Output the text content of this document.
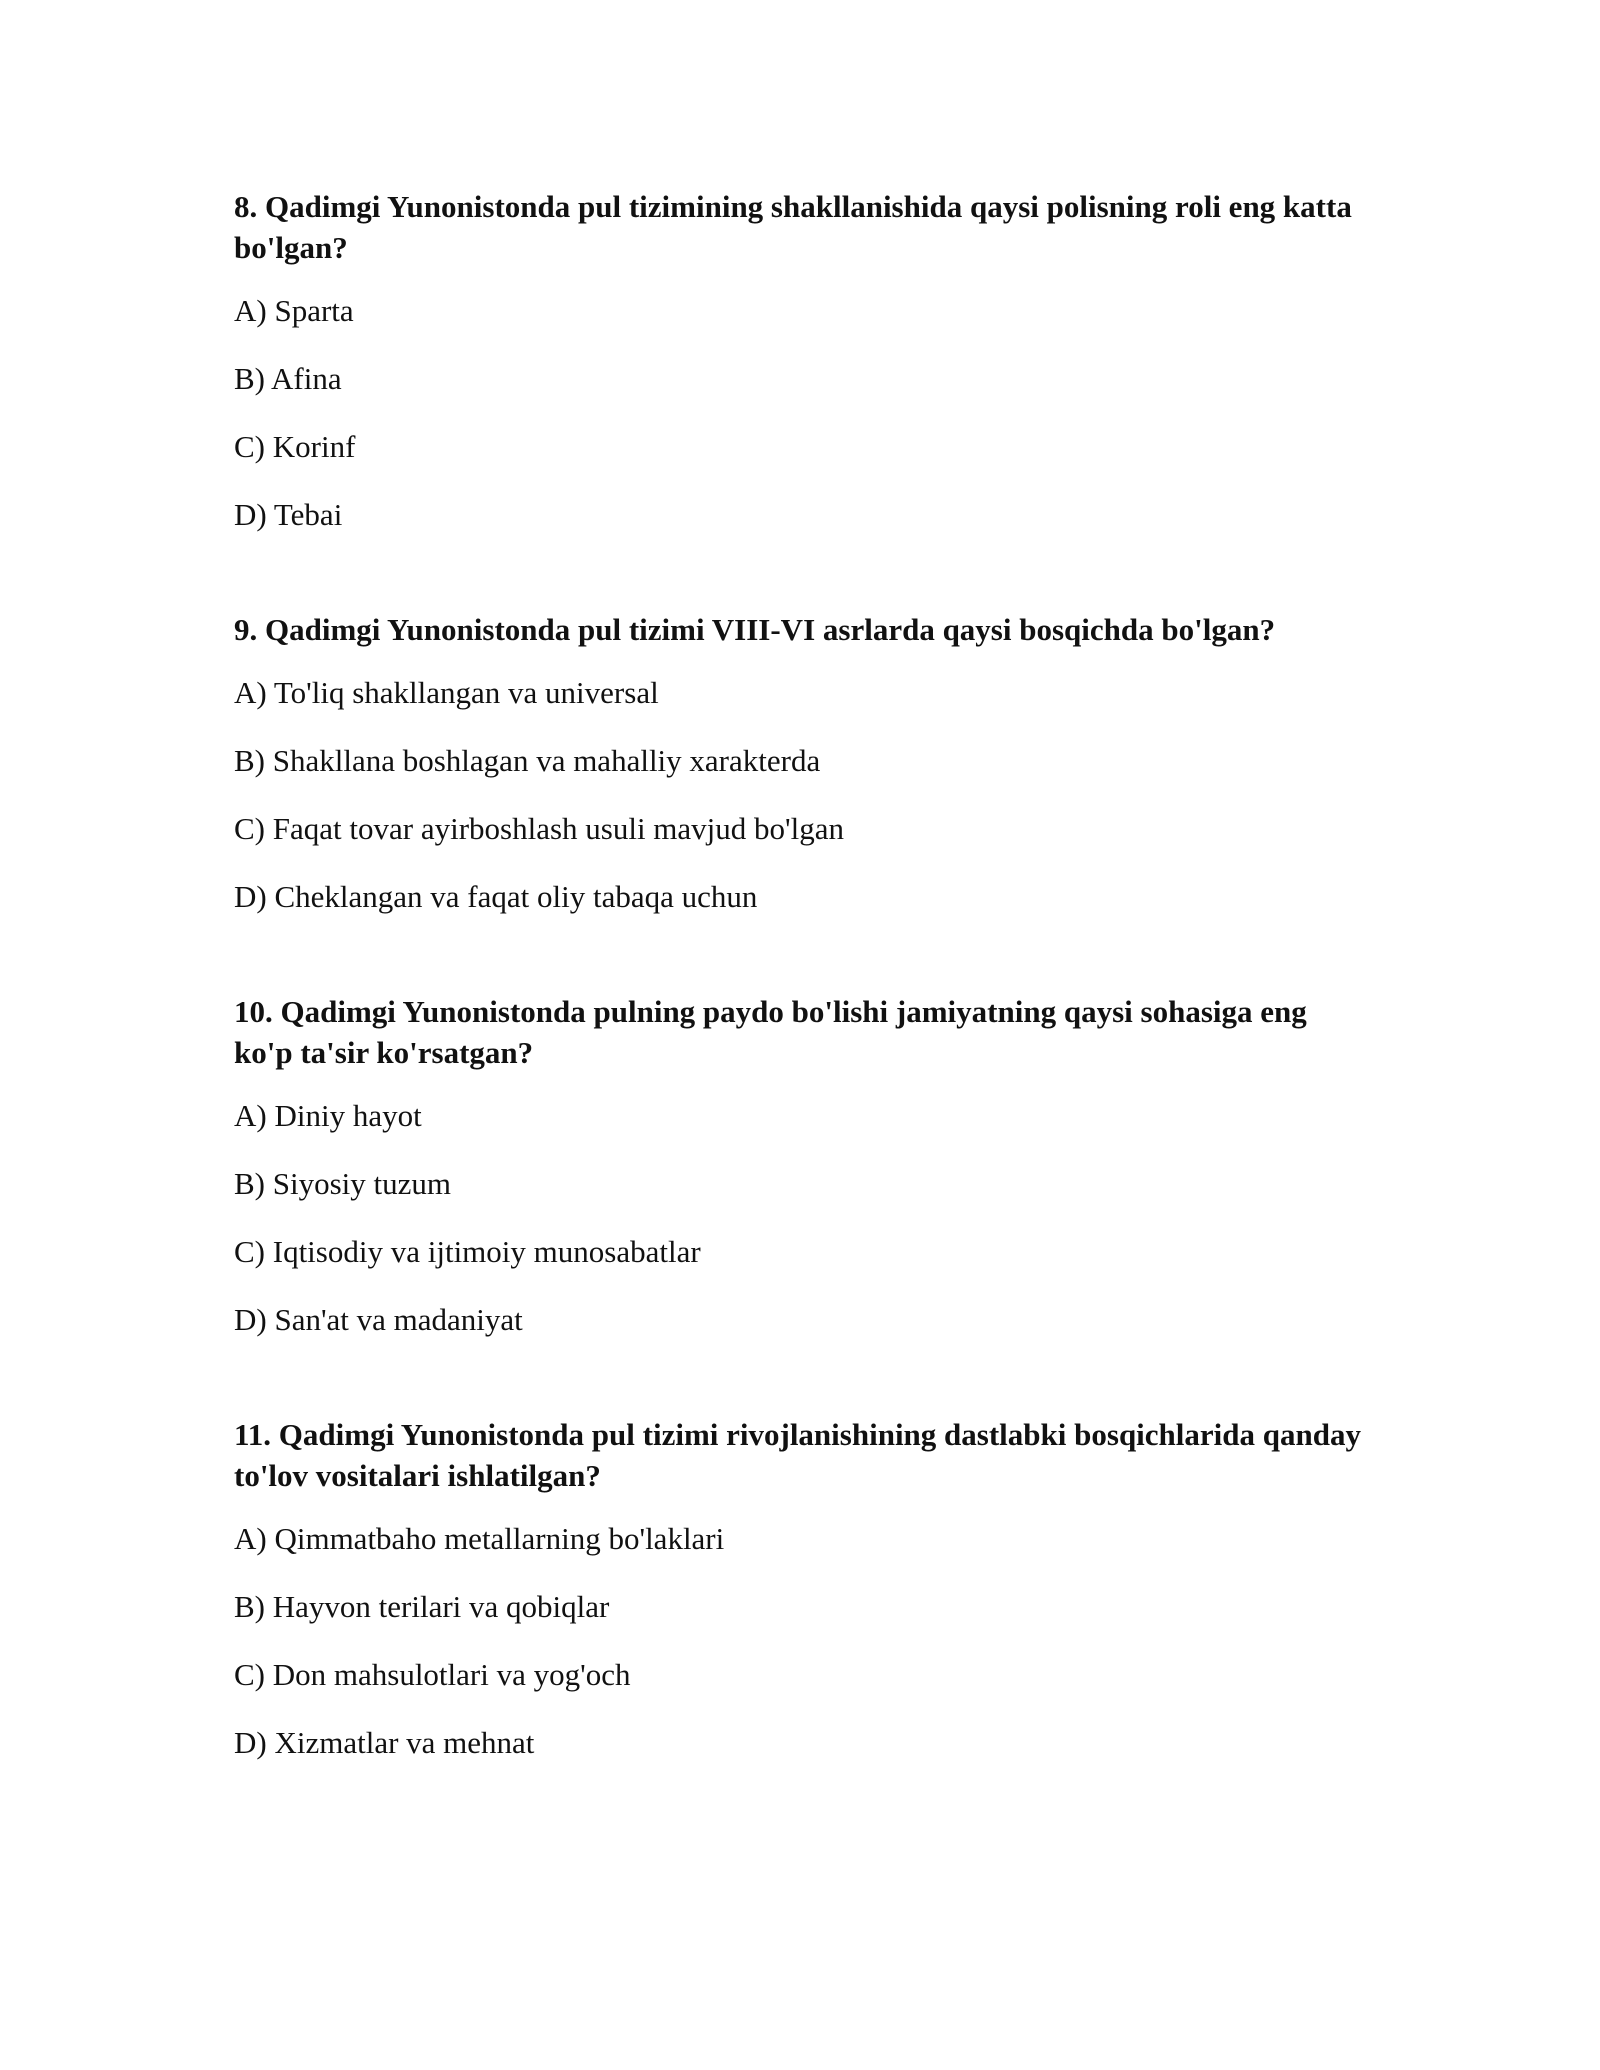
8. Qadimgi Yunonistonda pul tizimining shakllanishida qaysi polisning roli eng katta bo'lgan?
A) Sparta
B) Afina
C) Korinf
D) Tebai
9. Qadimgi Yunonistonda pul tizimi VIII-VI asrlarda qaysi bosqichda bo'lgan?
A) To'liq shakllangan va universal
B) Shakllana boshlagan va mahalliy xarakterda
C) Faqat tovar ayirboshlash usuli mavjud bo'lgan
D) Cheklangan va faqat oliy tabaqa uchun
10. Qadimgi Yunonistonda pulning paydo bo'lishi jamiyatning qaysi sohasiga eng ko'p ta'sir ko'rsatgan?
A) Diniy hayot
B) Siyosiy tuzum
C) Iqtisodiy va ijtimoiy munosabatlar
D) San'at va madaniyat
11. Qadimgi Yunonistonda pul tizimi rivojlanishining dastlabki bosqichlarida qanday to'lov vositalari ishlatilgan?
A) Qimmatbaho metallarning bo'laklari
B) Hayvon terilari va qobiqlar
C) Don mahsulotlari va yog'och
D) Xizmatlar va mehnat
